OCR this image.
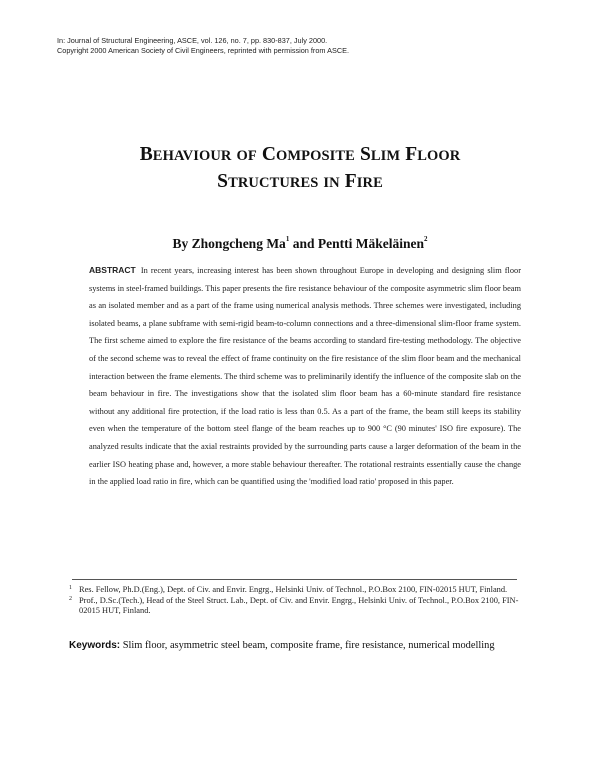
In: Journal of Structural Engineering, ASCE, vol. 126, no. 7, pp. 830-837, July 2000.
Copyright 2000 American Society of Civil Engineers, reprinted with permission from ASCE.
BEHAVIOUR OF COMPOSITE SLIM FLOOR
STRUCTURES IN FIRE
By Zhongcheng Ma$^1$ and Pentti Mäkeläinen$^2$
ABSTRACT In recent years, increasing interest has been shown throughout Europe in developing and designing slim floor systems in steel-framed buildings. This paper presents the fire resistance behaviour of the composite asymmetric slim floor beam as an isolated member and as a part of the frame using numerical analysis methods. Three schemes were investigated, including isolated beams, a plane subframe with semi-rigid beam-to-column connections and a three-dimensional slim-floor frame system. The first scheme aimed to explore the fire resistance of the beams according to standard fire-testing methodology. The objective of the second scheme was to reveal the effect of frame continuity on the fire resistance of the slim floor beam and the mechanical interaction between the frame elements. The third scheme was to preliminarily identify the influence of the composite slab on the beam behaviour in fire. The investigations show that the isolated slim floor beam has a 60-minute standard fire resistance without any additional fire protection, if the load ratio is less than 0.5. As a part of the frame, the beam still keeps its stability even when the temperature of the bottom steel flange of the beam reaches up to 900 °C (90 minutes' ISO fire exposure). The analyzed results indicate that the axial restraints provided by the surrounding parts cause a larger deformation of the beam in the earlier ISO heating phase and, however, a more stable behaviour thereafter. The rotational restraints essentially cause the change in the applied load ratio in fire, which can be quantified using the 'modified load ratio' proposed in this paper.
1 Res. Fellow, Ph.D.(Eng.), Dept. of Civ. and Envir. Engrg., Helsinki Univ. of Technol., P.O.Box 2100, FIN-02015 HUT, Finland.
2 Prof., D.Sc.(Tech.), Head of the Steel Struct. Lab., Dept. of Civ. and Envir. Engrg., Helsinki Univ. of Technol., P.O.Box 2100, FIN-02015 HUT, Finland.
Keywords: Slim floor, asymmetric steel beam, composite frame, fire resistance, numerical modelling
